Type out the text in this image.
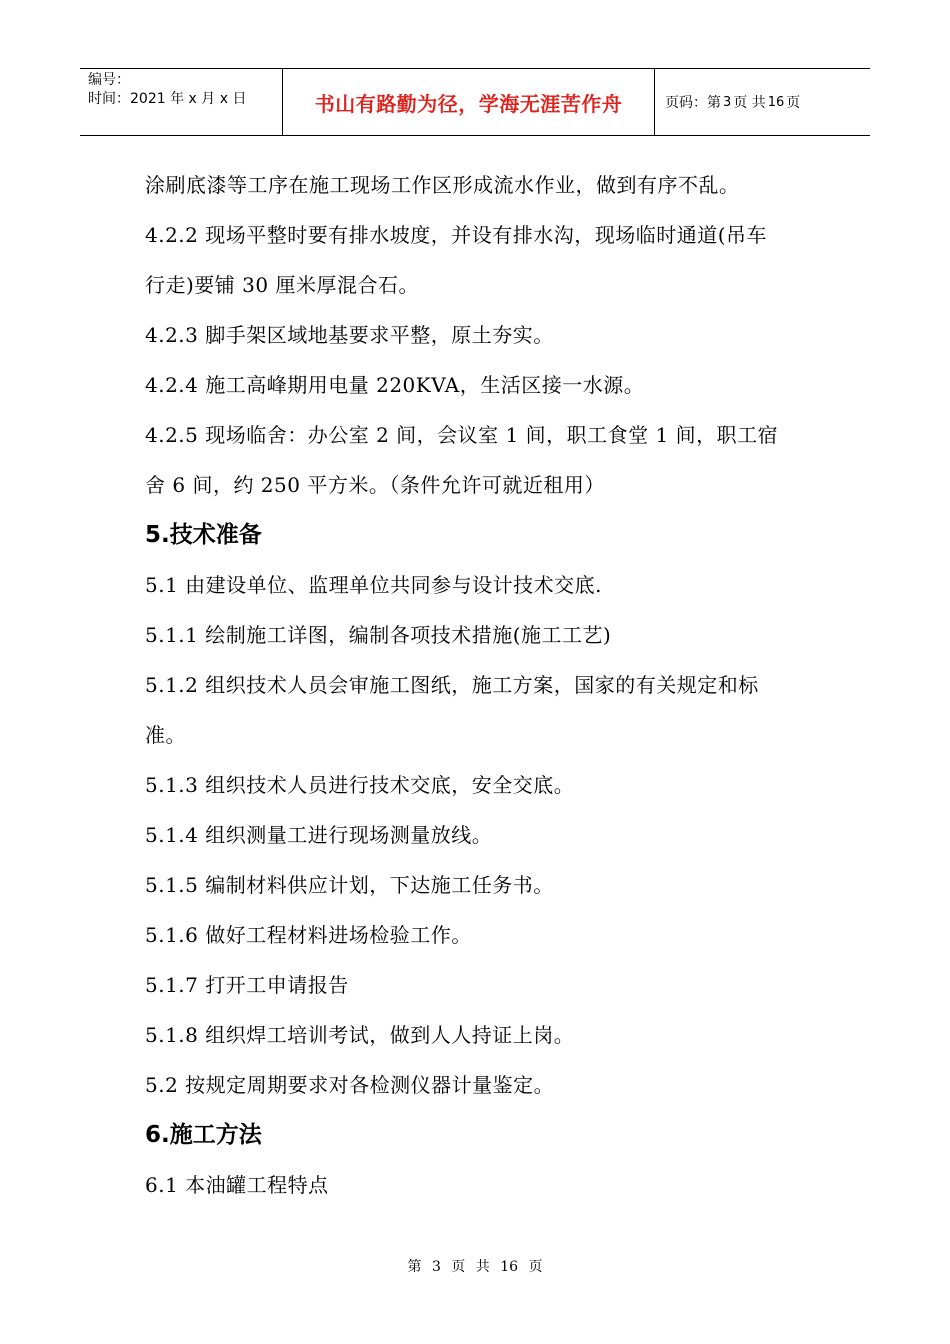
编号：
时间：2021 年 x 月 x 日	书山有路勤为径，学海无涯苦作舟	页码：第 3 页 共 16 页
涂刷底漆等工序在施工现场工作区形成流水作业，做到有序不乱。
4.2.2 现场平整时要有排水坡度，并设有排水沟，现场临时通道(吊车
行走)要铺 30 厘米厚混合石。
4.2.3 脚手架区域地基要求平整，原土夯实。
4.2.4 施工高峰期用电量 220KVA，生活区接一水源。
4.2.5 现场临舍：办公室 2 间，会议室 1 间，职工食堂 1 间，职工宿
舍 6 间，约 250 平方米。（条件允许可就近租用）
5.技术准备
5.1 由建设单位、监理单位共同参与设计技术交底.
5.1.1 绘制施工详图，编制各项技术措施(施工工艺)
5.1.2 组织技术人员会审施工图纸，施工方案，国家的有关规定和标
准。
5.1.3 组织技术人员进行技术交底，安全交底。
5.1.4 组织测量工进行现场测量放线。
5.1.5 编制材料供应计划，下达施工任务书。
5.1.6 做好工程材料进场检验工作。
5.1.7 打开工申请报告
5.1.8 组织焊工培训考试，做到人人持证上岗。
5.2 按规定周期要求对各检测仪器计量鉴定。
6.施工方法
6.1 本油罐工程特点
第 3 页 共 16 页
